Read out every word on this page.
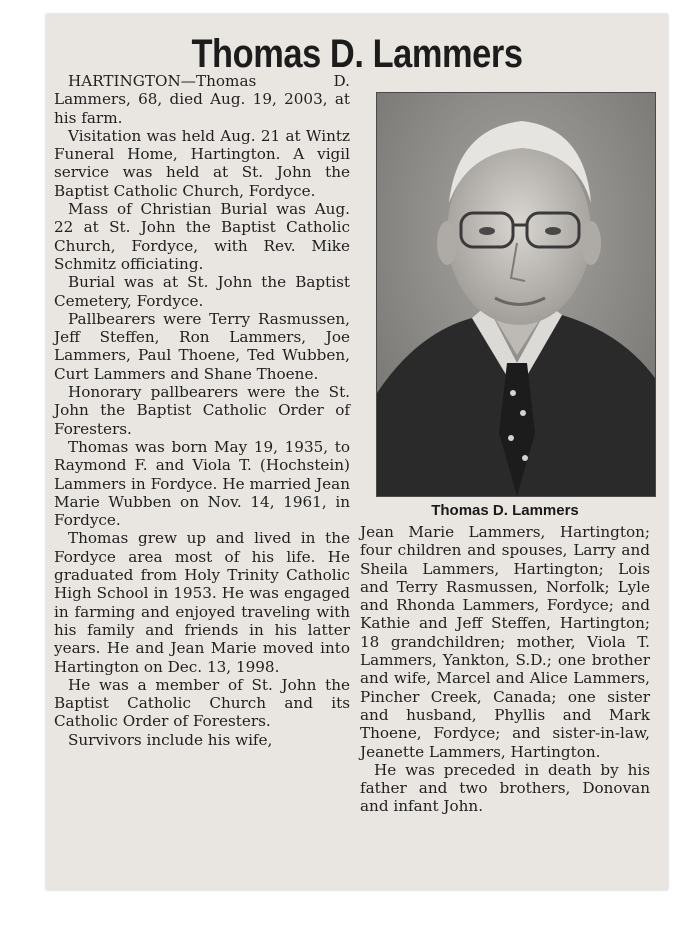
Thomas D. Lammers

HARTINGTON—Thomas D. Lammers, 68, died Aug. 19, 2003, at his farm.

Visitation was held Aug. 21 at Wintz Funeral Home, Hartington. A vigil service was held at St. John the Baptist Catholic Church, Fordyce.

Mass of Christian Burial was Aug. 22 at St. John the Baptist Catholic Church, Fordyce, with Rev. Mike Schmitz officiating.

Burial was at St. John the Baptist Cemetery, Fordyce.

Pallbearers were Terry Rasmussen, Jeff Steffen, Ron Lammers, Joe Lammers, Paul Thoene, Ted Wubben, Curt Lammers and Shane Thoene.

Honorary pallbearers were the St. John the Baptist Catholic Order of Foresters.

Thomas was born May 19, 1935, to Raymond F. and Viola T. (Hochstein) Lammers in Fordyce. He married Jean Marie Wubben on Nov. 14, 1961, in Fordyce.

Thomas grew up and lived in the Fordyce area most of his life. He graduated from Holy Trinity Catholic High School in 1953. He was engaged in farming and enjoyed traveling with his family and friends in his latter years. He and Jean Marie moved into Hartington on Dec. 13, 1998.

He was a member of St. John the Baptist Catholic Church and its Catholic Order of Foresters.

Survivors include his wife,

Thomas D. Lammers

Jean Marie Lammers, Hartington; four children and spouses, Larry and Sheila Lammers, Hartington; Lois and Terry Rasmussen, Norfolk; Lyle and Rhonda Lammers, Fordyce; and Kathie and Jeff Steffen, Hartington; 18 grandchildren; mother, Viola T. Lammers, Yankton, S.D.; one brother and wife, Marcel and Alice Lammers, Pincher Creek, Canada; one sister and husband, Phyllis and Mark Thoene, Fordyce; and sister-in-law, Jeanette Lammers, Hartington.

He was preceded in death by his father and two brothers, Donovan and infant John.
